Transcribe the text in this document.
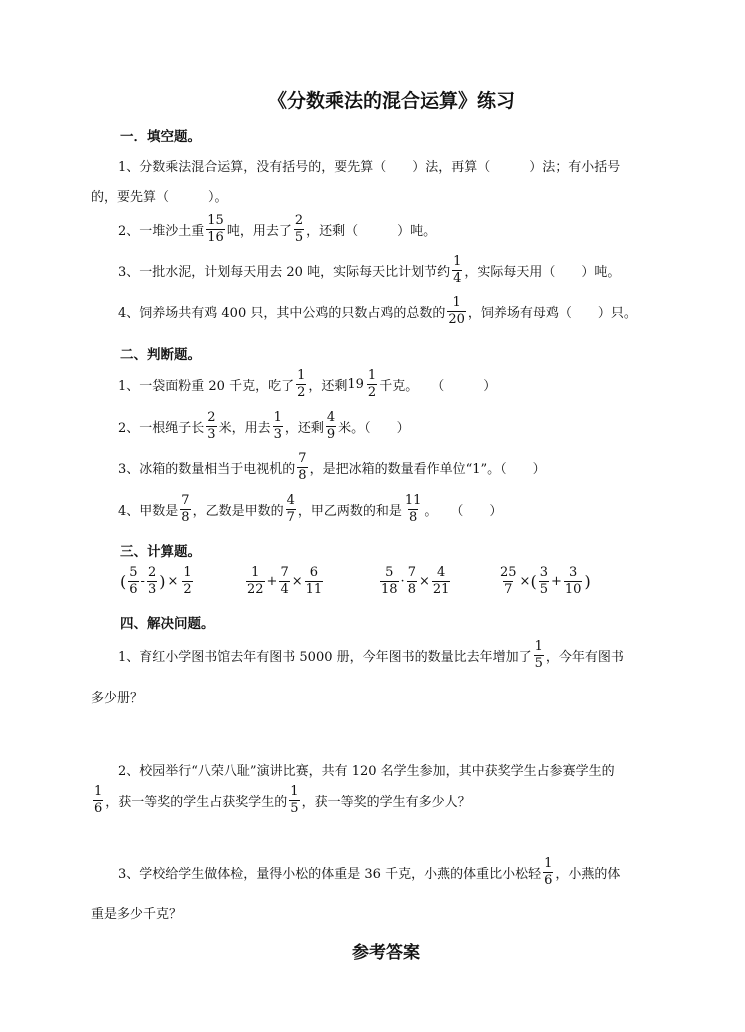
《分数乘法的混合运算》练习
一．填空题。
1、分数乘法混合运算，没有括号的，要先算（　　）法，再算（　　　）法；有小括号
的，要先算（　　　）。
2、一堆沙土重 $\frac{15}{16}$ 吨，用去了 $\frac{2}{5}$ ，还剩（　　　）吨。
3、一批水泥，计划每天用去 20 吨，实际每天比计划节约 $\frac{1}{4}$ ，实际每天用（　　）吨。
4、饲养场共有鸡 400 只，其中公鸡的只数占鸡的总数的 $\frac{1}{20}$ ，饲养场有母鸡（　　）只。
二、判断题。
1、一袋面粉重 20 千克，吃了 $\frac{1}{2}$ ，还剩 $19 \frac{1}{2}$ 千克。　　（　　　）
2、一根绳子长 $\frac{2}{3}$ 米，用去 $\frac{1}{3}$ ，还剩 $\frac{4}{9}$ 米。（　　）
3、冰箱的数量相当于电视机的 $\frac{7}{8}$ ，是把冰箱的数量看作单位“1”。（　　）
4、甲数是 $\frac{7}{8}$ ，乙数是甲数的 $\frac{4}{7}$ ，甲乙两数的和是 $\frac{11}{8}$ 。　　（　　）
三、计算题。
( $\frac{5}{6} - \frac{2}{3}$ ) × $\frac{1}{2}$	$\frac{1}{22} + \frac{7}{4} \times \frac{6}{11}$	$\frac{5}{18} \cdot \frac{7}{8} \times \frac{4}{21}$	$\frac{25}{7}$ × ( $\frac{3}{5} + \frac{3}{10}$ )
四、解决问题。
1、育红小学图书馆去年有图书 5000 册，今年图书的数量比去年增加了 $\frac{1}{5}$ ，今年有图书
多少册？
2、校园举行“八荣八耻”演讲比赛，共有 120 名学生参加，其中获奖学生占参赛学生的
$\frac{1}{6}$ ，获一等奖的学生占获奖学生的 $\frac{1}{5}$ ，获一等奖的学生有多少人？
3、学校给学生做体检，量得小松的体重是 36 千克，小燕的体重比小松轻 $\frac{1}{6}$ ，小燕的体
重是多少千克？
参考答案
